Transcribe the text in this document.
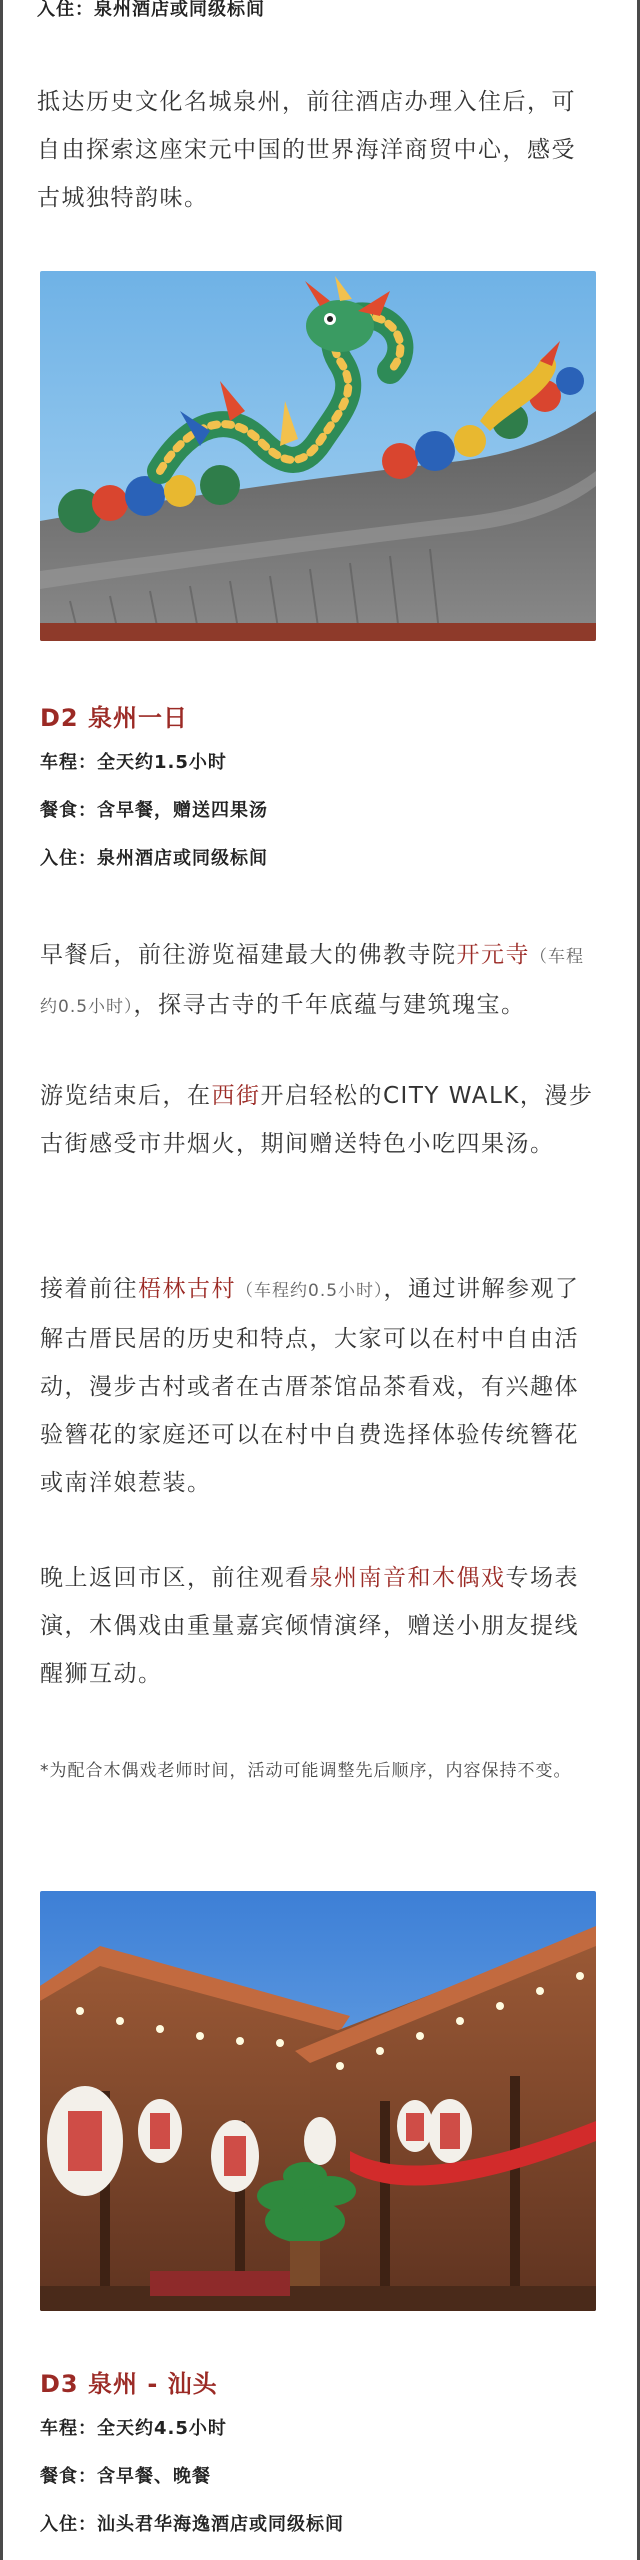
入住：泉州酒店或同级标间

抵达历史文化名城泉州，前往酒店办理入住后，可自由探索这座宋元中国的世界海洋商贸中心，感受古城独特韵味。

D2 泉州一日

车程：全天约1.5小时

餐食：含早餐，赠送四果汤

入住：泉州酒店或同级标间

早餐后，前往游览福建最大的佛教寺院开元寺（车程约0.5小时），探寻古寺的千年底蕴与建筑瑰宝。

游览结束后，在西街开启轻松的CITY WALK，漫步古街感受市井烟火，期间赠送特色小吃四果汤。

接着前往梧林古村（车程约0.5小时），通过讲解参观了解古厝民居的历史和特点，大家可以在村中自由活动，漫步古村或者在古厝茶馆品茶看戏，有兴趣体验簪花的家庭还可以在村中自费选择体验传统簪花或南洋娘惹装。

晚上返回市区，前往观看泉州南音和木偶戏专场表演，木偶戏由重量嘉宾倾情演绎，赠送小朋友提线醒狮互动。

*为配合木偶戏老师时间，活动可能调整先后顺序，内容保持不变。

D3 泉州 - 汕头

车程：全天约4.5小时

餐食：含早餐、晚餐

入住：汕头君华海逸酒店或同级标间
